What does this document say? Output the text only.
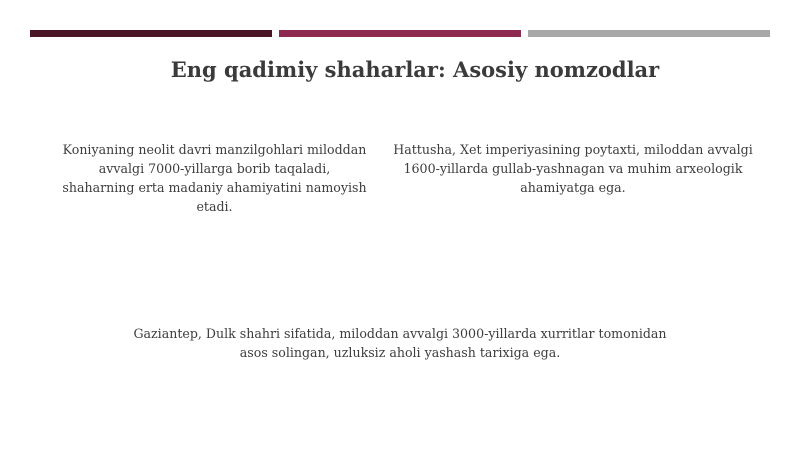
Eng qadimiy shaharlar: Asosiy nomzodlar
Koniyaning neolit davri manzilgohlari miloddan avvalgi 7000-yillarga borib taqaladi, shaharning erta madaniy ahamiyatini namoyish etadi.
Hattusha, Xet imperiyasining poytaxti, miloddan avvalgi 1600-yillarda gullab-yashnagan va muhim arxeologik ahamiyatga ega.
Gaziantep, Dulk shahri sifatida, miloddan avvalgi 3000-yillarda xurritlar tomonidan asos solingan, uzluksiz aholi yashash tarixiga ega.
